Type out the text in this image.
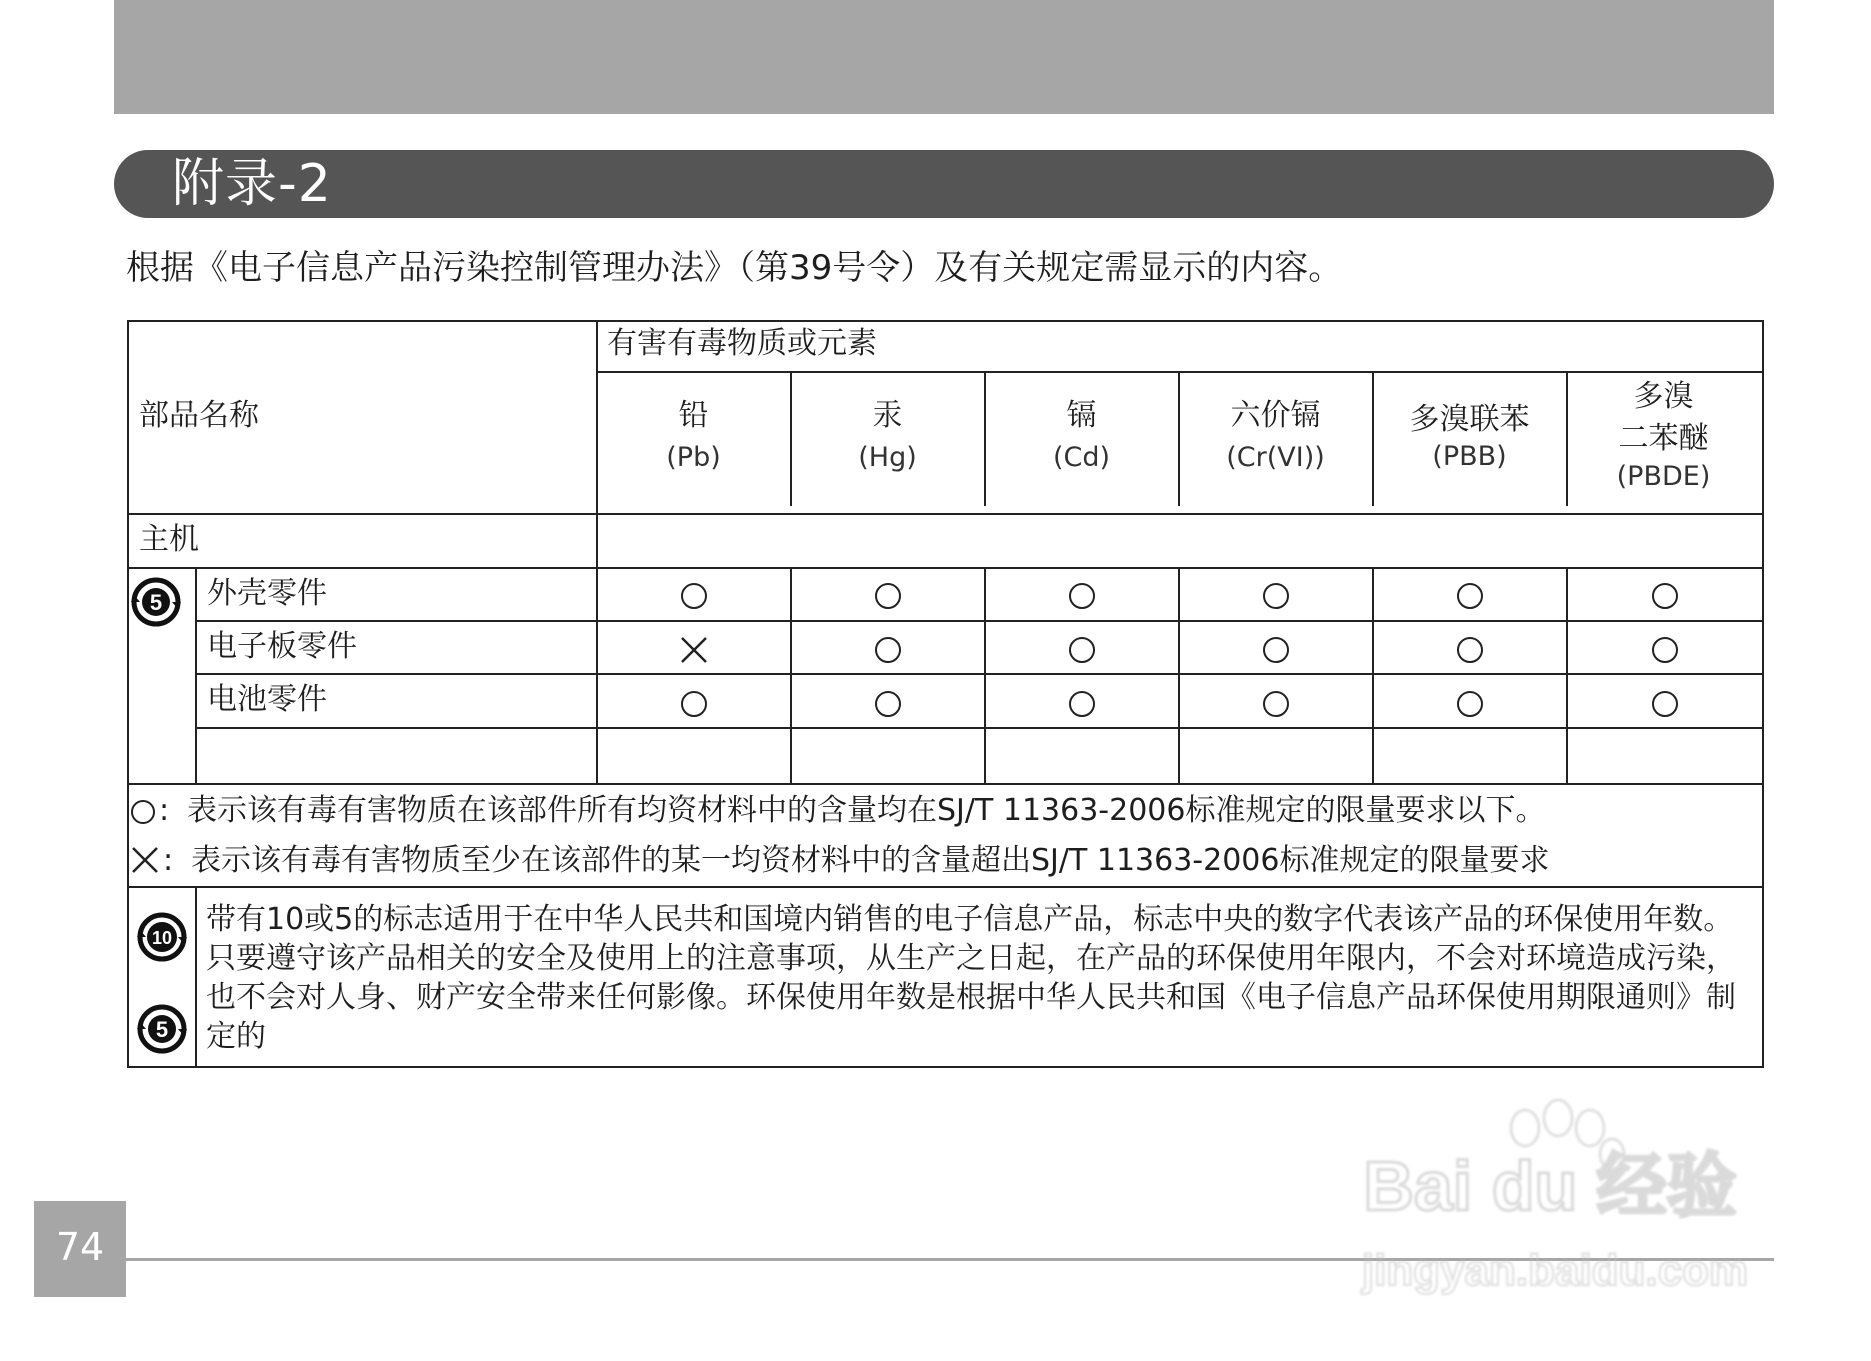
附录-2
根据《电子信息产品污染控制管理办法》（第39号令）及有关规定需显示的内容。
部品名称
有害有毒物质或元素
铅
(Pb)
汞
(Hg)
镉
(Cd)
六价镉
(Cr(VI))
多溴联苯
(PBB)
多溴
二苯醚
(PBDE)
主机
5 外壳零件
电子板零件
电池零件
: 表示该有毒有害物质在该部件所有均资材料中的含量均在SJ/T 11363-2006标准规定的限量要求以下。
: 表示该有毒有害物质至少在该部件的某一均资材料中的含量超出SJ/T 11363-2006标准规定的限量要求
10
5
带有10或5的标志适用于在中华人民共和国境内销售的电子信息产品，标志中央的数字代表该产品的环保使用年数。只要遵守该产品相关的安全及使用上的注意事项，从生产之日起，在产品的环保使用年限内，不会对环境造成污染，也不会对人身、财产安全带来任何影像。环保使用年数是根据中华人民共和国《电子信息产品环保使用期限通则》制定的
74
Bai du 经验
jingyan.baidu.com
